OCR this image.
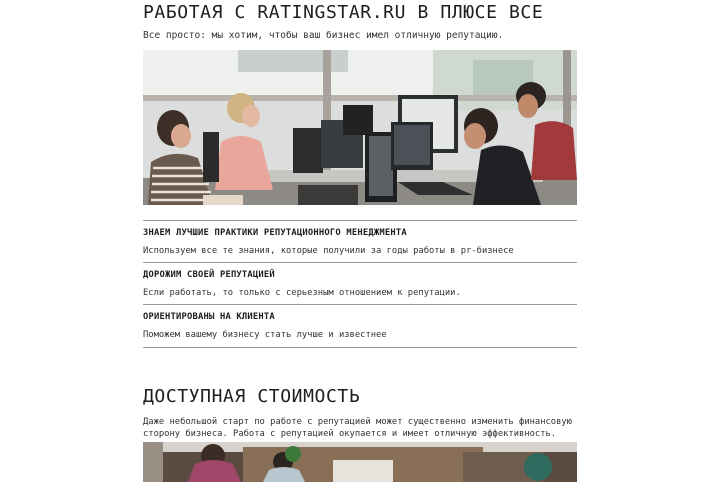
РАБОТАЯ С RATINGSTAR.RU В ПЛЮСЕ ВСЕ
Все просто: мы хотим, чтобы ваш бизнес имел отличную репутацию.
ЗНАЕМ ЛУЧШИЕ ПРАКТИКИ РЕПУТАЦИОННОГО МЕНЕДЖМЕНТА
Используем все те знания, которые получили за годы работы в pr-бизнесе
ДОРОЖИМ СВОЕЙ РЕПУТАЦИЕЙ
Если работать, то только с серьезным отношением к репутации.
ОРИЕНТИРОВАНЫ НА КЛИЕНТА
Поможем вашему бизнесу стать лучше и известнее
ДОСТУПНАЯ СТОИМОСТЬ
Даже небольшой старт по работе с репутацией может существенно изменить финансовую сторону бизнеса. Работа с репутацией окупается и имеет отличную эффективность.
